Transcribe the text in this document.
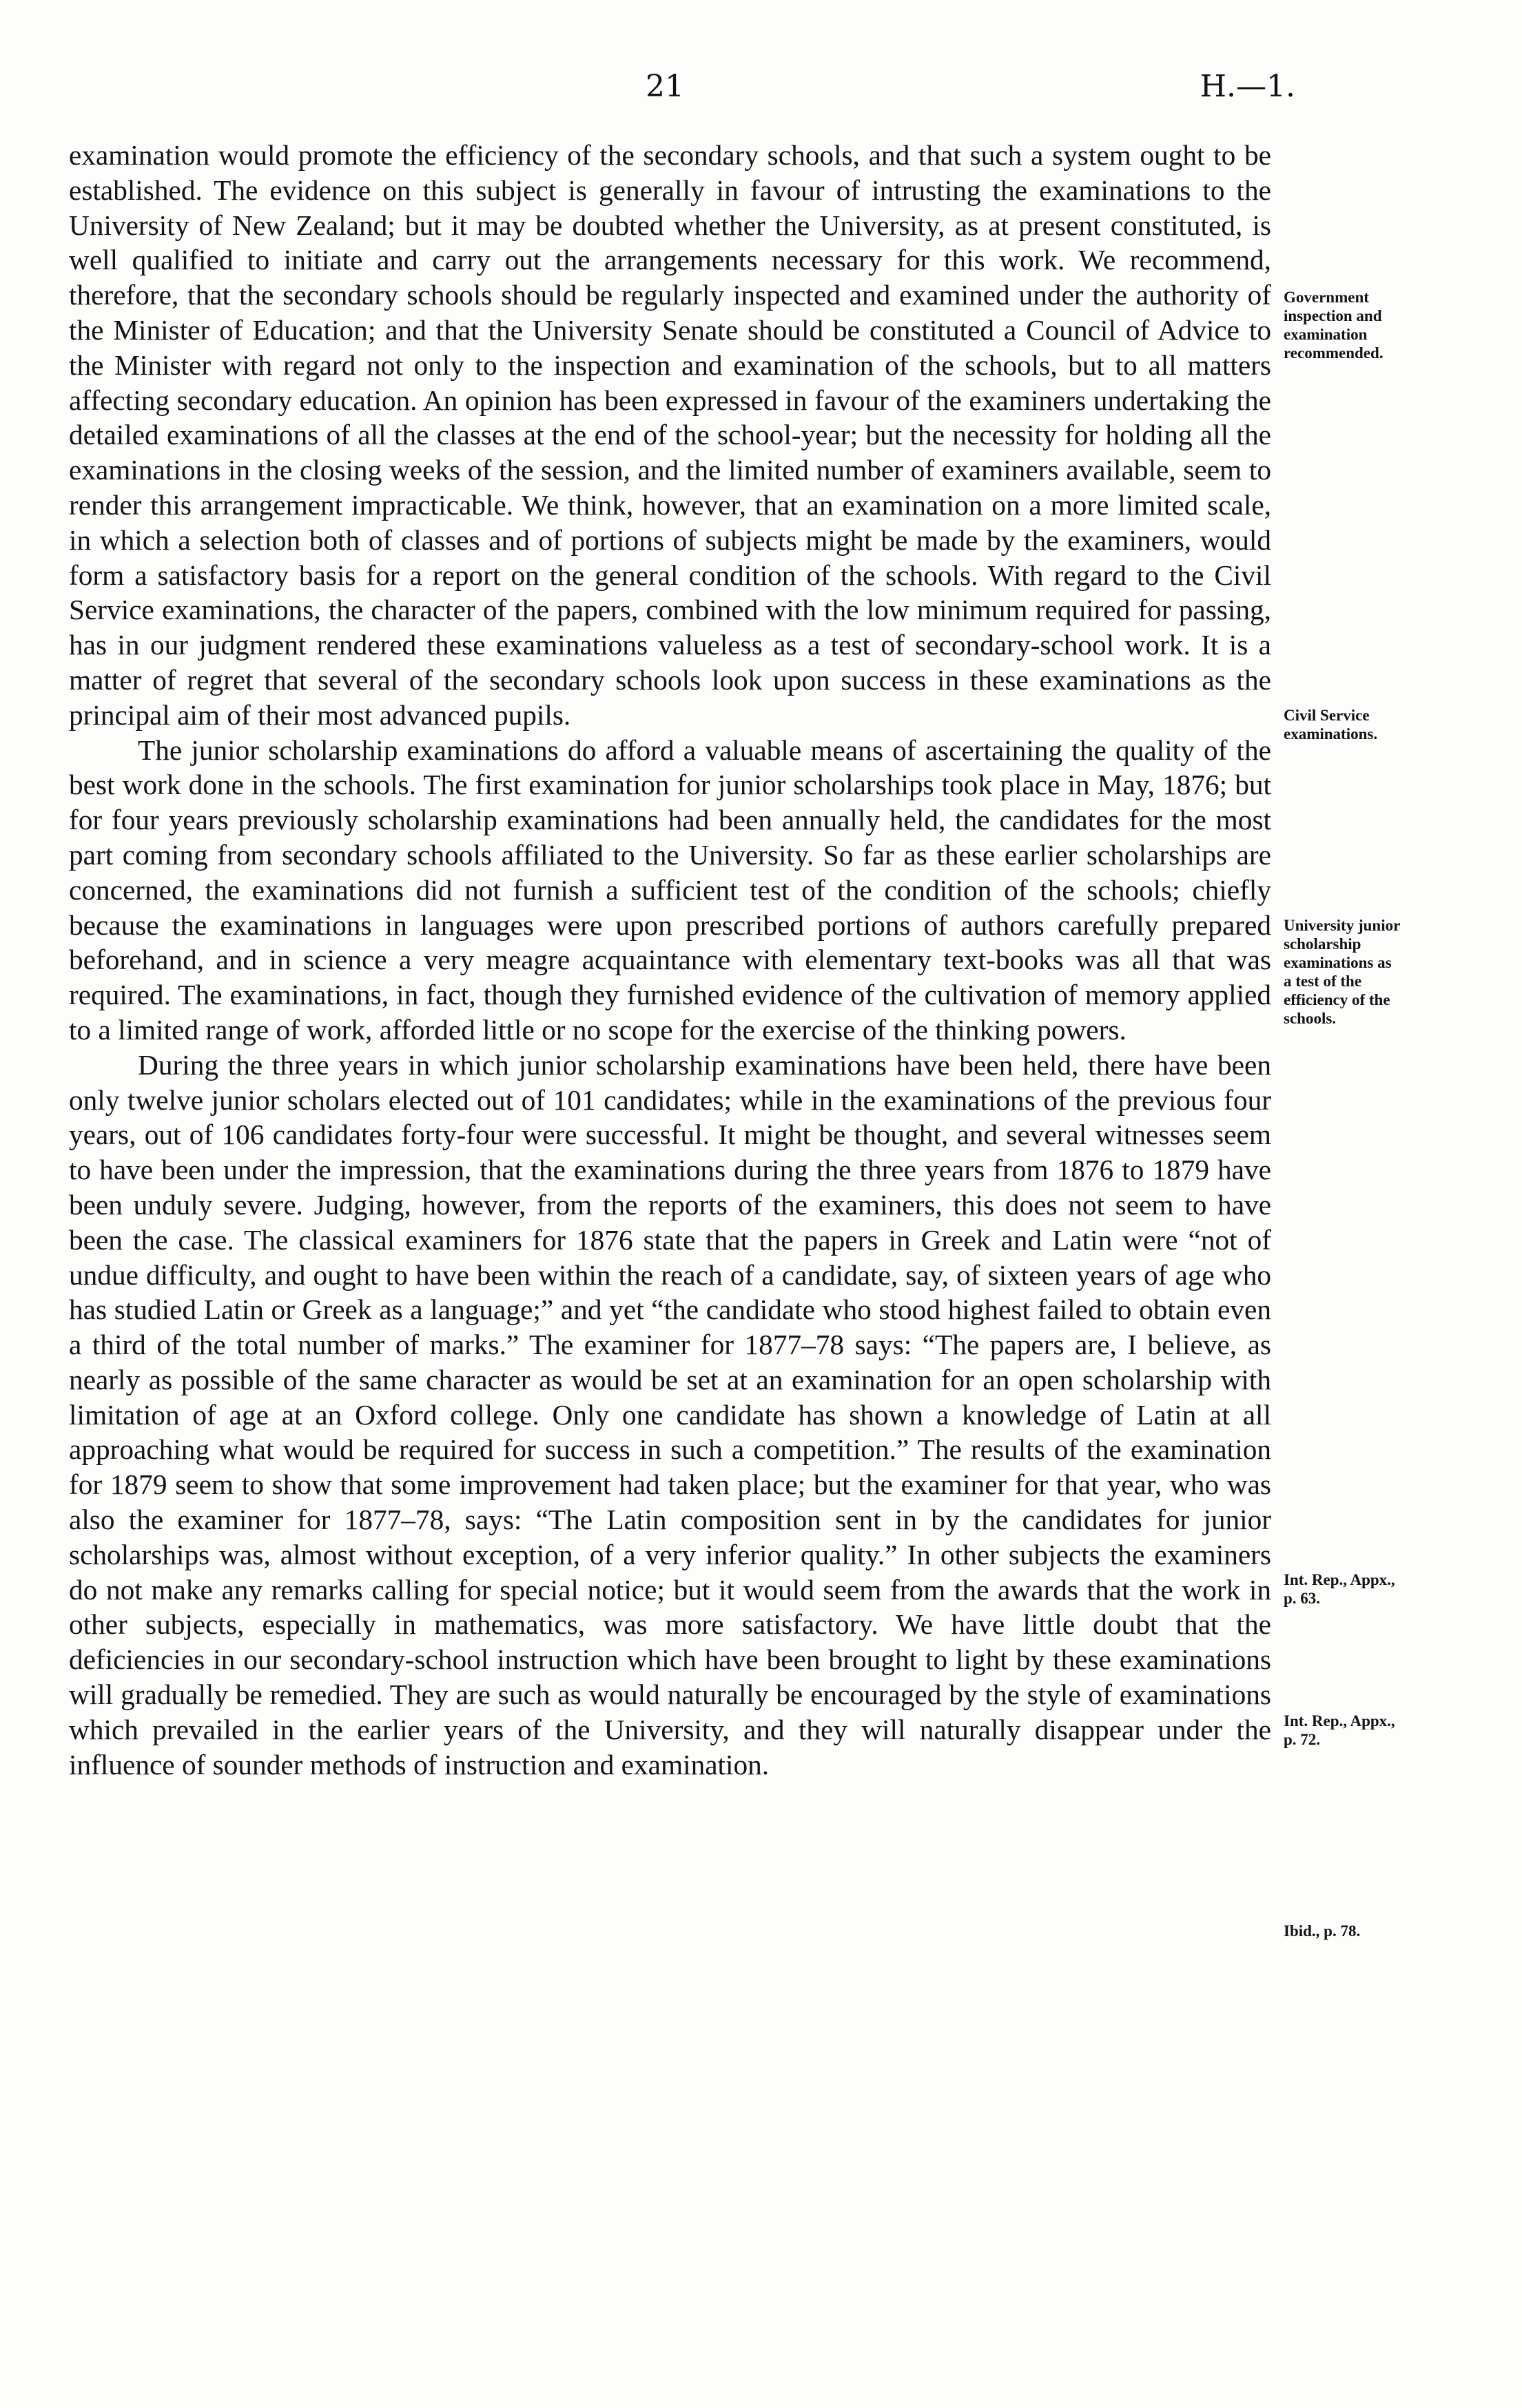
21	H.—1.

examination would promote the efficiency of the secondary schools, and that such a system ought to be established. The evidence on this subject is generally in favour of intrusting the examinations to the University of New Zealand; but it may be doubted whether the University, as at present constituted, is well qualified to initiate and carry out the arrangements necessary for this work. We recommend, therefore, that the secondary schools should be regularly inspected and examined under the authority of the Minister of Education; and that the University Senate should be constituted a Council of Advice to the Minister with regard not only to the inspection and examination of the schools, but to all matters affecting secondary education. An opinion has been expressed in favour of the examiners undertaking the detailed examinations of all the classes at the end of the school-year; but the necessity for holding all the examinations in the closing weeks of the session, and the limited number of examiners available, seem to render this arrangement impracticable. We think, however, that an examination on a more limited scale, in which a selection both of classes and of portions of subjects might be made by the examiners, would form a satisfactory basis for a report on the general condition of the schools. With regard to the Civil Service examinations, the character of the papers, combined with the low minimum required for passing, has in our judgment rendered these examinations valueless as a test of secondary-school work. It is a matter of regret that several of the secondary schools look upon success in these examinations as the principal aim of their most advanced pupils.

The junior scholarship examinations do afford a valuable means of ascertaining the quality of the best work done in the schools. The first examination for junior scholarships took place in May, 1876; but for four years previously scholarship examinations had been annually held, the candidates for the most part coming from secondary schools affiliated to the University. So far as these earlier scholarships are concerned, the examinations did not furnish a sufficient test of the condition of the schools; chiefly because the examinations in languages were upon prescribed portions of authors carefully prepared beforehand, and in science a very meagre acquaintance with elementary text-books was all that was required. The examinations, in fact, though they furnished evidence of the cultivation of memory applied to a limited range of work, afforded little or no scope for the exercise of the thinking powers.

During the three years in which junior scholarship examinations have been held, there have been only twelve junior scholars elected out of 101 candidates; while in the examinations of the previous four years, out of 106 candidates forty-four were successful. It might be thought, and several witnesses seem to have been under the impression, that the examinations during the three years from 1876 to 1879 have been unduly severe. Judging, however, from the reports of the examiners, this does not seem to have been the case. The classical examiners for 1876 state that the papers in Greek and Latin were “not of undue difficulty, and ought to have been within the reach of a candidate, say, of sixteen years of age who has studied Latin or Greek as a language;” and yet “the candidate who stood highest failed to obtain even a third of the total number of marks.” The examiner for 1877–78 says: “The papers are, I believe, as nearly as possible of the same character as would be set at an examination for an open scholarship with limitation of age at an Oxford college. Only one candidate has shown a knowledge of Latin at all approaching what would be required for success in such a competition.” The results of the examination for 1879 seem to show that some improvement had taken place; but the examiner for that year, who was also the examiner for 1877–78, says: “The Latin composition sent in by the candidates for junior scholarships was, almost without exception, of a very inferior quality.” In other subjects the examiners do not make any remarks calling for special notice; but it would seem from the awards that the work in other subjects, especially in mathematics, was more satisfactory. We have little doubt that the deficiencies in our secondary-school instruction which have been brought to light by these examinations will gradually be remedied. They are such as would naturally be encouraged by the style of examinations which prevailed in the earlier years of the University, and they will naturally disappear under the influence of sounder methods of instruction and examination.

Government
inspection and
examination
recommended.
Civil Service
examinations.
University junior
scholarship
examinations as
a test of the
efficiency of the
schools.
Int. Rep., Appx.,
p. 63.
Int. Rep., Appx.,
p. 72.
Ibid., p. 78.
